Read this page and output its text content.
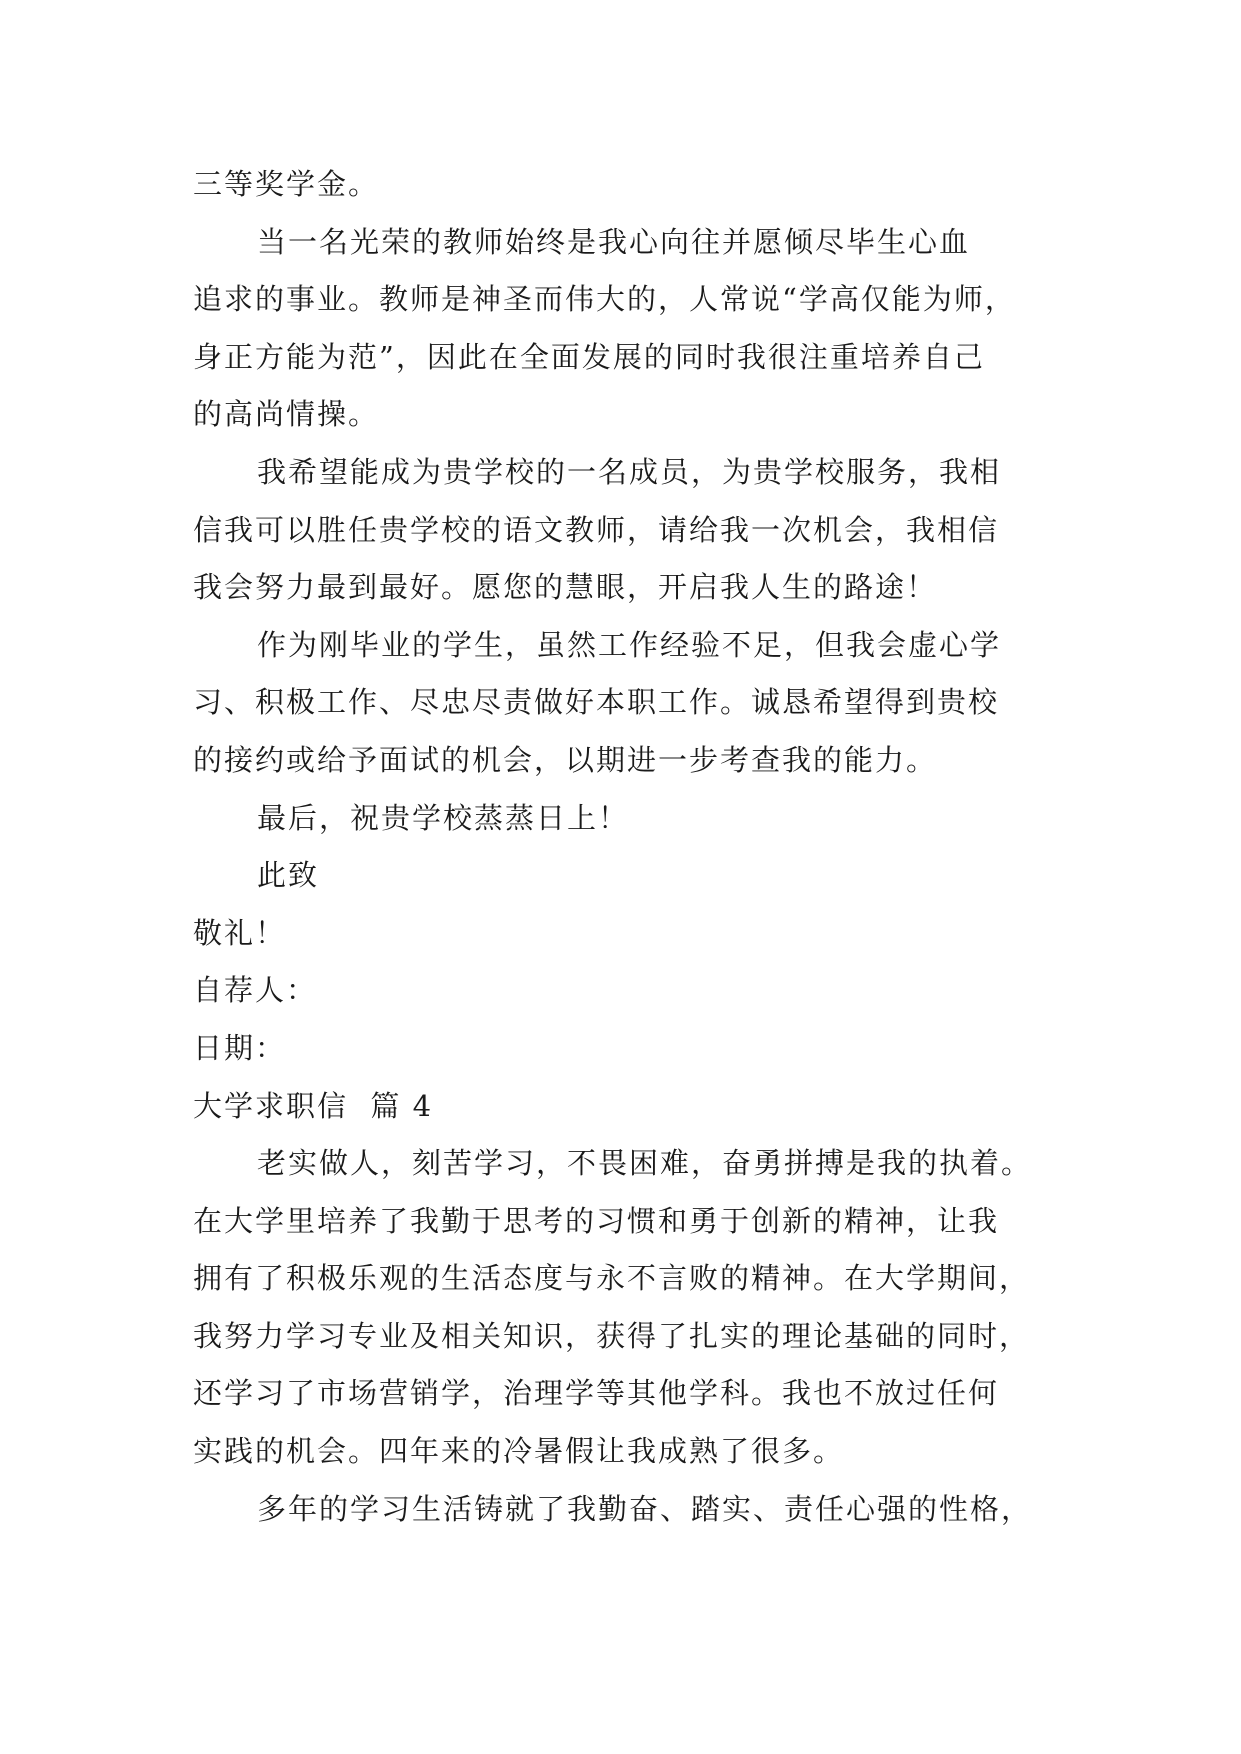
三等奖学金。
当一名光荣的教师始终是我心向往并愿倾尽毕生心血
追求的事业。教师是神圣而伟大的，人常说“学高仅能为师，
身正方能为范”，因此在全面发展的同时我很注重培养自己
的高尚情操。
我希望能成为贵学校的一名成员，为贵学校服务，我相
信我可以胜任贵学校的语文教师，请给我一次机会，我相信
我会努力最到最好。愿您的慧眼，开启我人生的路途！
作为刚毕业的学生，虽然工作经验不足，但我会虚心学
习、积极工作、尽忠尽责做好本职工作。诚恳希望得到贵校
的接约或给予面试的机会，以期进一步考查我的能力。
最后，祝贵学校蒸蒸日上！
此致
敬礼！
自荐人：
日期：
大学求职信  篇 4
老实做人，刻苦学习，不畏困难，奋勇拼搏是我的执着。
在大学里培养了我勤于思考的习惯和勇于创新的精神，让我
拥有了积极乐观的生活态度与永不言败的精神。在大学期间，
我努力学习专业及相关知识，获得了扎实的理论基础的同时，
还学习了市场营销学，治理学等其他学科。我也不放过任何
实践的机会。四年来的冷暑假让我成熟了很多。
多年的学习生活铸就了我勤奋、踏实、责任心强的性格，
